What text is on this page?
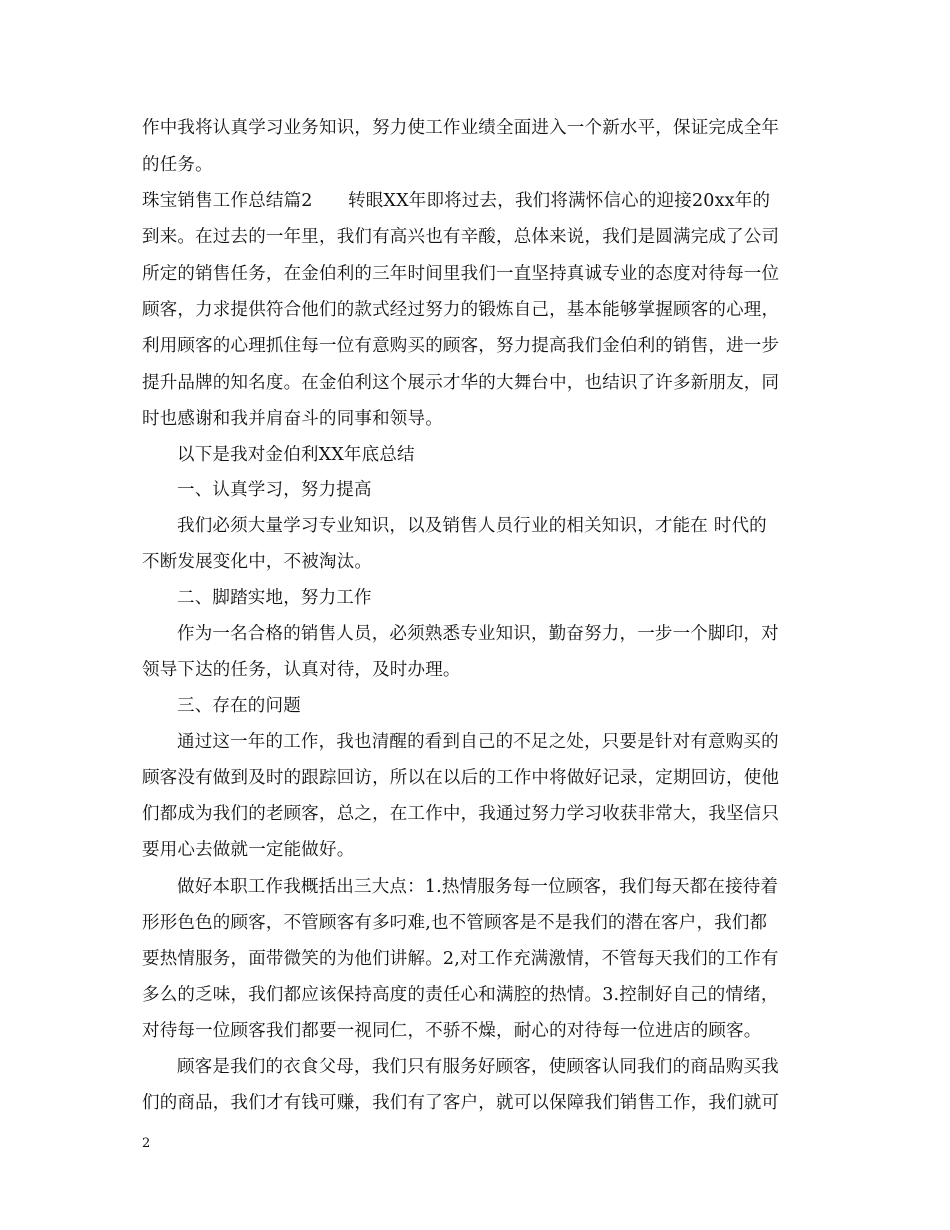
作中我将认真学习业务知识，努力使工作业绩全面进入一个新水平，保证完成全年
的任务。
珠宝销售工作总结篇2　　转眼XX年即将过去，我们将满怀信心的迎接20xx年的
到来。在过去的一年里，我们有高兴也有辛酸，总体来说，我们是圆满完成了公司
所定的销售任务，在金伯利的三年时间里我们一直坚持真诚专业的态度对待每一位
顾客，力求提供符合他们的款式经过努力的锻炼自己，基本能够掌握顾客的心理，
利用顾客的心理抓住每一位有意购买的顾客，努力提高我们金伯利的销售，进一步
提升品牌的知名度。在金伯利这个展示才华的大舞台中，也结识了许多新朋友，同
时也感谢和我并肩奋斗的同事和领导。
以下是我对金伯利XX年底总结
一、认真学习，努力提高
我们必须大量学习专业知识，以及销售人员行业的相关知识，才能在 时代的
不断发展变化中，不被淘汰。
二、脚踏实地，努力工作
作为一名合格的销售人员，必须熟悉专业知识，勤奋努力，一步一个脚印，对
领导下达的任务，认真对待，及时办理。
三、存在的问题
通过这一年的工作，我也清醒的看到自己的不足之处，只要是针对有意购买的
顾客没有做到及时的跟踪回访，所以在以后的工作中将做好记录，定期回访，使他
们都成为我们的老顾客，总之，在工作中，我通过努力学习收获非常大，我坚信只
要用心去做就一定能做好。
做好本职工作我概括出三大点：1.热情服务每一位顾客，我们每天都在接待着
形形色色的顾客，不管顾客有多叼难,也不管顾客是不是我们的潜在客户，我们都
要热情服务，面带微笑的为他们讲解。2,对工作充满激情，不管每天我们的工作有
多么的乏味，我们都应该保持高度的责任心和满腔的热情。3.控制好自己的情绪，
对待每一位顾客我们都要一视同仁，不骄不燥，耐心的对待每一位进店的顾客。
顾客是我们的衣食父母，我们只有服务好顾客，使顾客认同我们的商品购买我
们的商品，我们才有钱可赚，我们有了客户，就可以保障我们销售工作，我们就可
2
